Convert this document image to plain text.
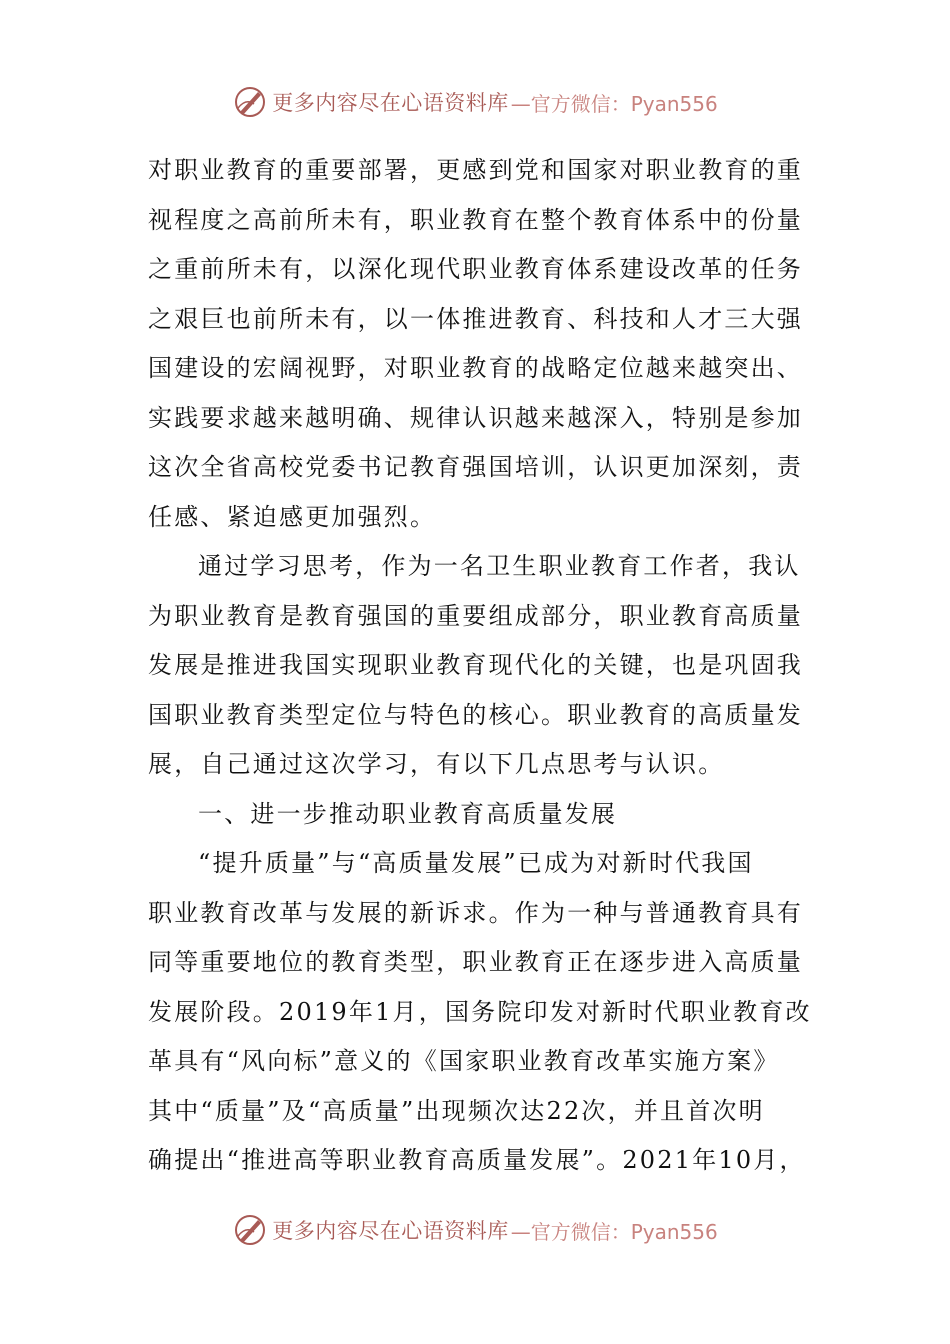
更多内容尽在心语资料库 —官方微信：Pyan556
对职业教育的重要部署，更感到党和国家对职业教育的重
视程度之高前所未有，职业教育在整个教育体系中的份量
之重前所未有，以深化现代职业教育体系建设改革的任务
之艰巨也前所未有，以一体推进教育、科技和人才三大强
国建设的宏阔视野，对职业教育的战略定位越来越突出、
实践要求越来越明确、规律认识越来越深入，特别是参加
这次全省高校党委书记教育强国培训，认识更加深刻，责
任感、紧迫感更加强烈。
通过学习思考，作为一名卫生职业教育工作者，我认
为职业教育是教育强国的重要组成部分，职业教育高质量
发展是推进我国实现职业教育现代化的关键，也是巩固我
国职业教育类型定位与特色的核心。职业教育的高质量发
展，自己通过这次学习，有以下几点思考与认识。
一、进一步推动职业教育高质量发展
“提升质量”与“高质量发展”已成为对新时代我国
职业教育改革与发展的新诉求。作为一种与普通教育具有
同等重要地位的教育类型，职业教育正在逐步进入高质量
发展阶段。2019年1月，国务院印发对新时代职业教育改
革具有“风向标”意义的《国家职业教育改革实施方案》
其中“质量”及“高质量”出现频次达22次，并且首次明
确提出“推进高等职业教育高质量发展”。2021年10月，
更多内容尽在心语资料库 —官方微信：Pyan556
